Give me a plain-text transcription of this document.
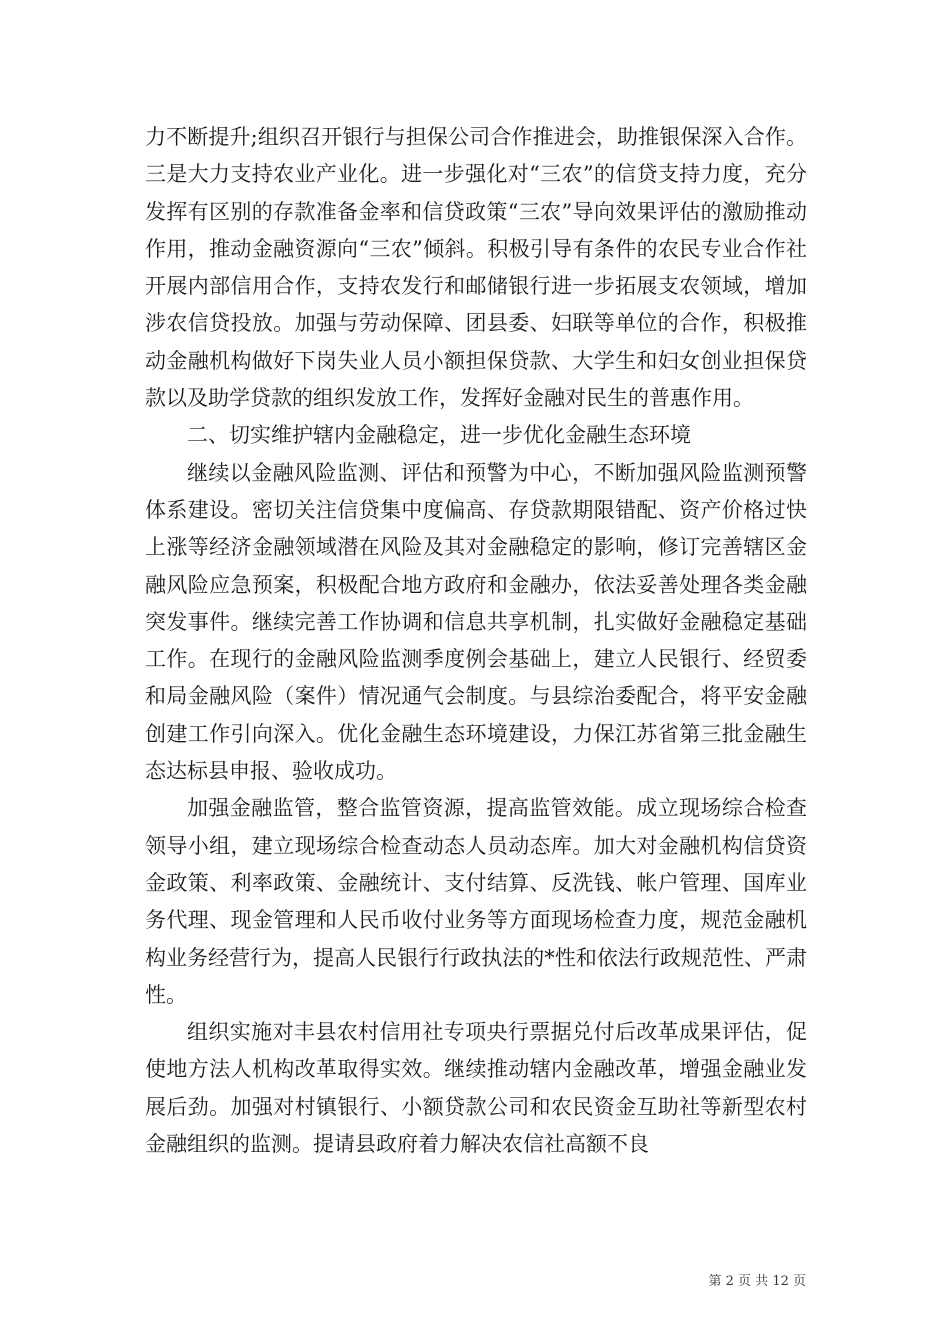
力不断提升;组织召开银行与担保公司合作推进会，助推银保深入合作。三是大力支持农业产业化。进一步强化对“三农”的信贷支持力度，充分发挥有区别的存款准备金率和信贷政策“三农”导向效果评估的激励推动作用，推动金融资源向“三农”倾斜。积极引导有条件的农民专业合作社开展内部信用合作，支持农发行和邮储银行进一步拓展支农领域，增加涉农信贷投放。加强与劳动保障、团县委、妇联等单位的合作，积极推动金融机构做好下岗失业人员小额担保贷款、大学生和妇女创业担保贷款以及助学贷款的组织发放工作，发挥好金融对民生的普惠作用。

二、切实维护辖内金融稳定，进一步优化金融生态环境

继续以金融风险监测、评估和预警为中心，不断加强风险监测预警体系建设。密切关注信贷集中度偏高、存贷款期限错配、资产价格过快上涨等经济金融领域潜在风险及其对金融稳定的影响，修订完善辖区金融风险应急预案，积极配合地方政府和金融办，依法妥善处理各类金融突发事件。继续完善工作协调和信息共享机制，扎实做好金融稳定基础工作。在现行的金融风险监测季度例会基础上，建立人民银行、经贸委和局金融风险（案件）情况通气会制度。与县综治委配合，将平安金融创建工作引向深入。优化金融生态环境建设，力保江苏省第三批金融生态达标县申报、验收成功。

加强金融监管，整合监管资源，提高监管效能。成立现场综合检查领导小组，建立现场综合检查动态人员动态库。加大对金融机构信贷资金政策、利率政策、金融统计、支付结算、反洗钱、帐户管理、国库业务代理、现金管理和人民币收付业务等方面现场检查力度，规范金融机构业务经营行为，提高人民银行行政执法的*性和依法行政规范性、严肃性。

组织实施对丰县农村信用社专项央行票据兑付后改革成果评估，促使地方法人机构改革取得实效。继续推动辖内金融改革，增强金融业发展后劲。加强对村镇银行、小额贷款公司和农民资金互助社等新型农村金融组织的监测。提请县政府着力解决农信社高额不良

第 2 页 共 12 页
